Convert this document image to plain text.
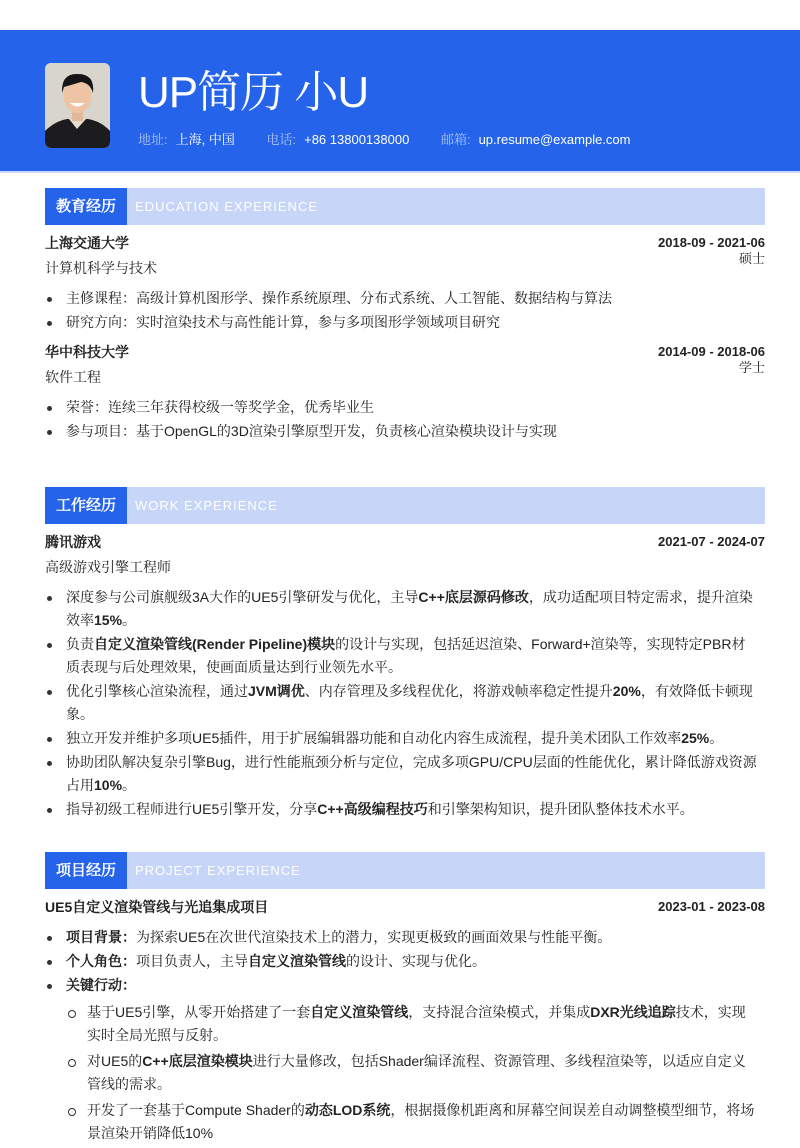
UP简历 小U
地址: 上海, 中国 电话: +86 13800138000 邮箱: up.resume@example.com
教育经历	EDUCATION EXPERIENCE
上海交通大学	2018-09 - 2021-06
计算机科学与技术
硕士
主修课程：高级计算机图形学、操作系统原理、分布式系统、人工智能、数据结构与算法
研究方向：实时渲染技术与高性能计算，参与多项图形学领域项目研究
华中科技大学	2014-09 - 2018-06
软件工程
学士
荣誉：连续三年获得校级一等奖学金，优秀毕业生
参与项目：基于OpenGL的3D渲染引擎原型开发，负责核心渲染模块设计与实现
工作经历	WORK EXPERIENCE
腾讯游戏	2021-07 - 2024-07
高级游戏引擎工程师
深度参与公司旗舰级3A大作的UE5引擎研发与优化，主导C++底层源码修改，成功适配项目特定需求，提升渲染效率15%。
负责自定义渲染管线(Render Pipeline)模块的设计与实现，包括延迟渲染、Forward+渲染等，实现特定PBR材质表现与后处理效果，使画面质量达到行业领先水平。
优化引擎核心渲染流程，通过JVM调优、内存管理及多线程优化，将游戏帧率稳定性提升20%，有效降低卡顿现象。
独立开发并维护多项UE5插件，用于扩展编辑器功能和自动化内容生成流程，提升美术团队工作效率25%。
协助团队解决复杂引擎Bug，进行性能瓶颈分析与定位，完成多项GPU/CPU层面的性能优化，累计降低游戏资源占用10%。
指导初级工程师进行UE5引擎开发，分享C++高级编程技巧和引擎架构知识，提升团队整体技术水平。
项目经历	PROJECT EXPERIENCE
UE5自定义渲染管线与光追集成项目	2023-01 - 2023-08
项目背景：为探索UE5在次世代渲染技术上的潜力，实现更极致的画面效果与性能平衡。
个人角色：项目负责人，主导自定义渲染管线的设计、实现与优化。
关键行动：
基于UE5引擎，从零开始搭建了一套自定义渲染管线，支持混合渲染模式，并集成DXR光线追踪技术，实现实时全局光照与反射。
对UE5的C++底层渲染模块进行大量修改，包括Shader编译流程、资源管理、多线程渲染等，以适应自定义管线的需求。
开发了一套基于Compute Shader的动态LOD系统，根据摄像机距离和屏幕空间误差自动调整模型细节，将场景渲染开销降低10%
